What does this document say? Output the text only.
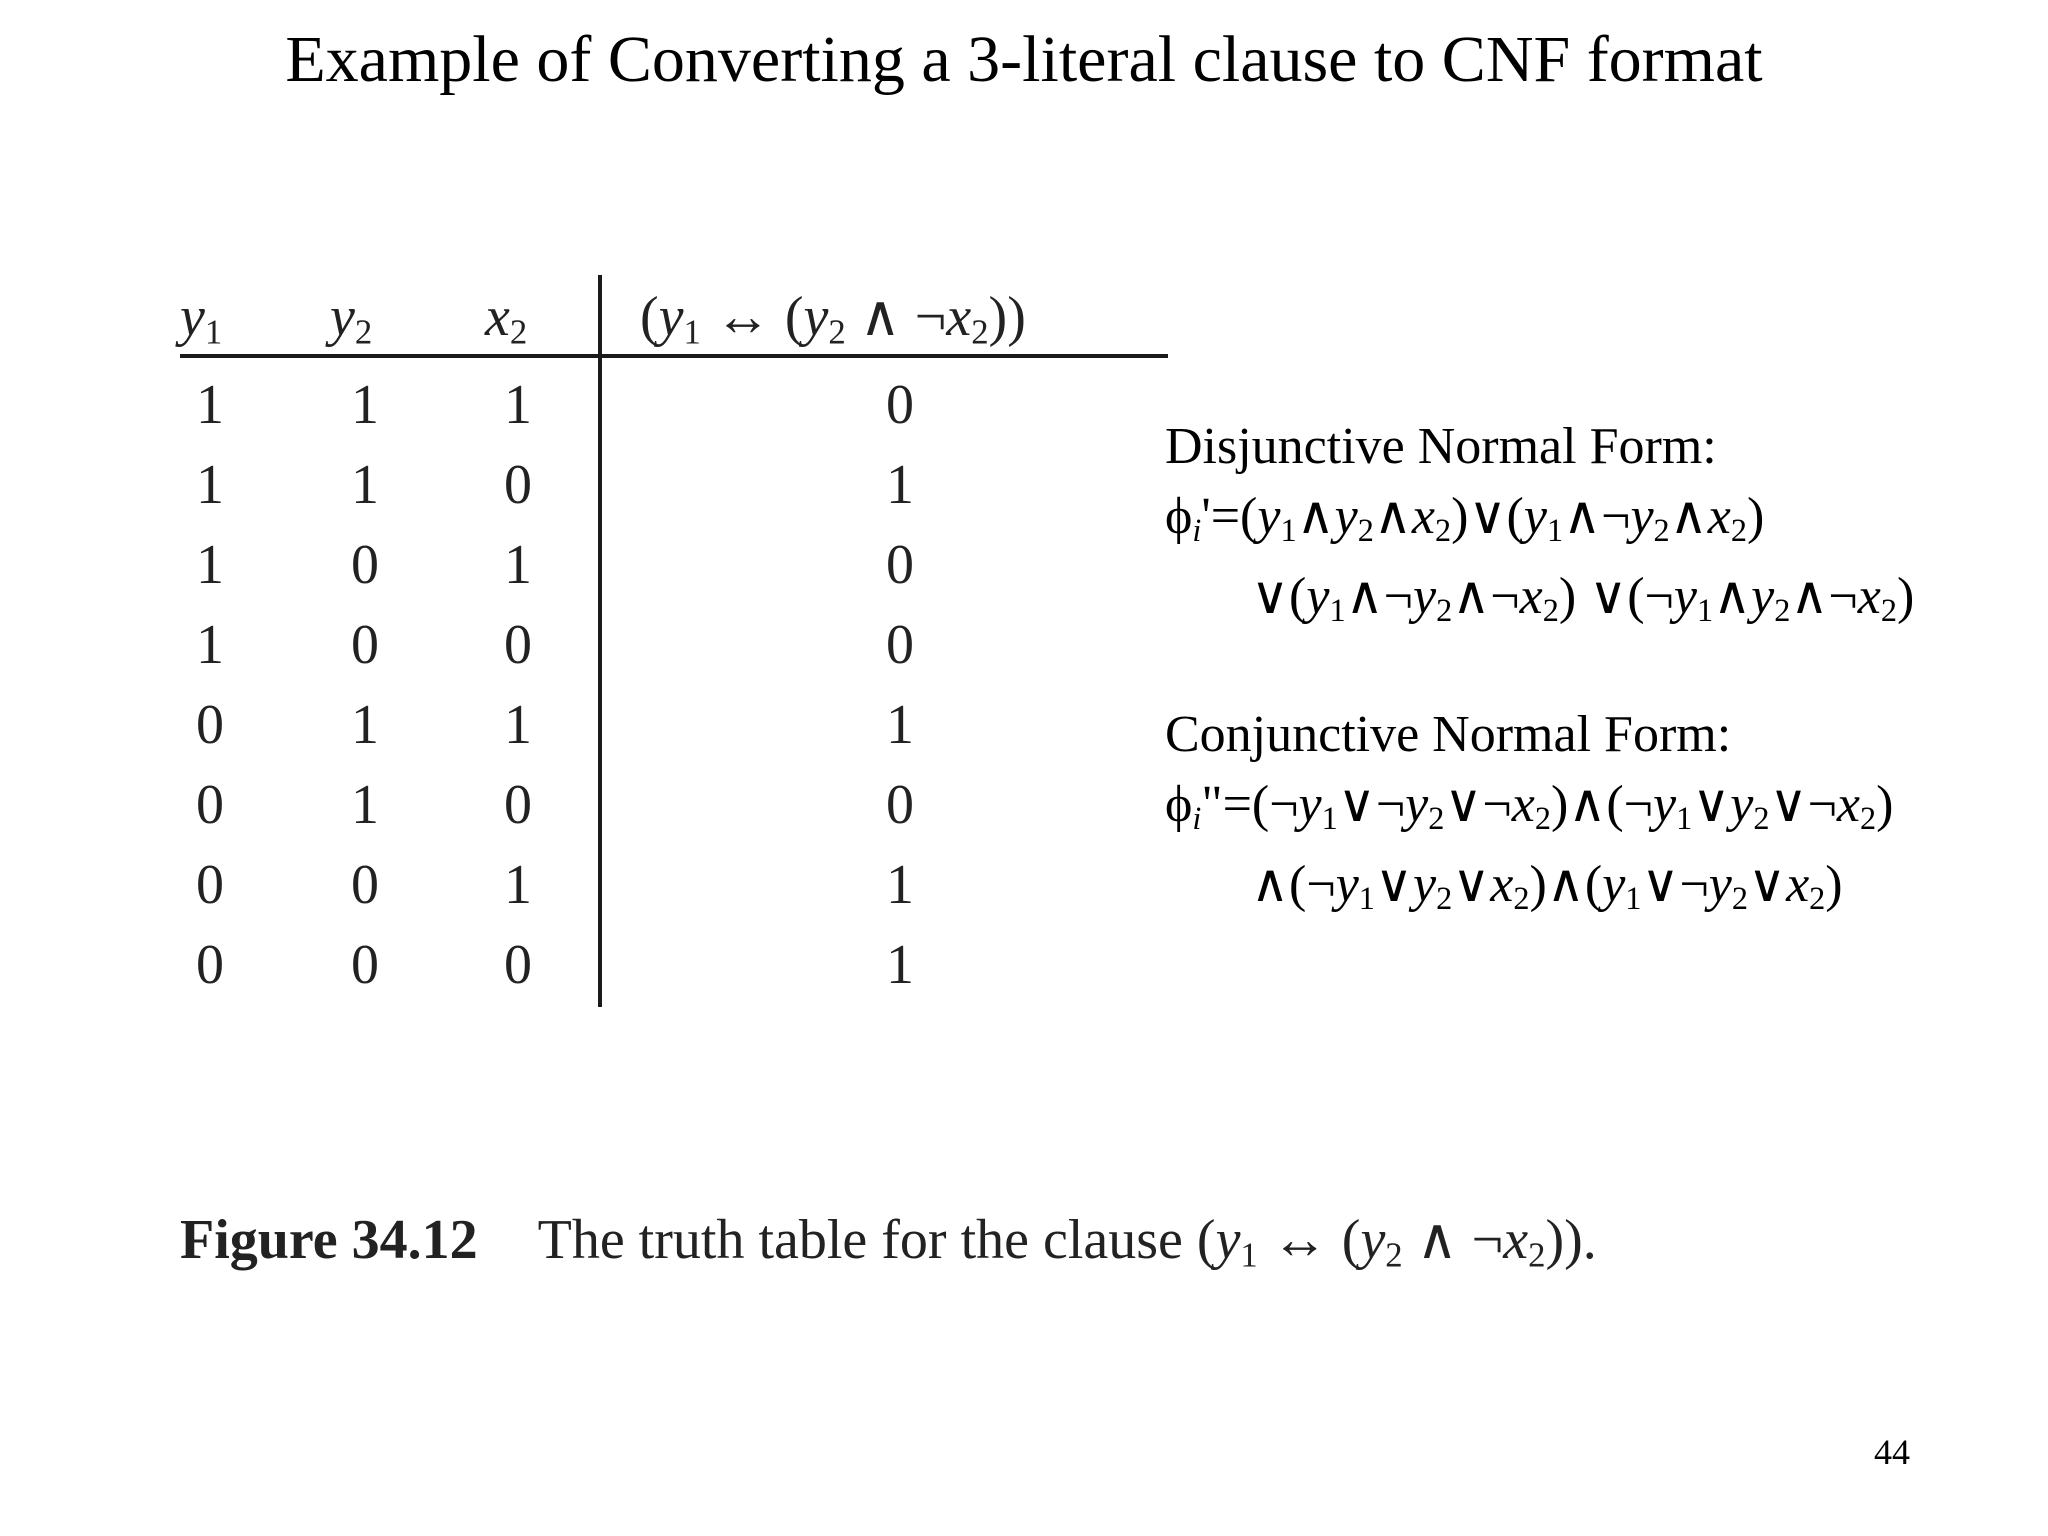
Example of Converting a 3-literal clause to CNF format
$y_1$ $y_2$ $x_2$ ($y_1$ ↔ ($y_2$ ∧ $\neg x_2$))
1 1 1	0
1 1 0	1
1 0 1	0
1 0 0	0
0 1 1	1
0 1 0	0
0 0 1	1
0 0 0	1
Disjunctive Normal Form:
$\phi_i'=(y_1\wedge y_2\wedge x_2)\vee(y_1\wedge\neg y_2\wedge x_2)$
$\vee(y_1\wedge\neg y_2\wedge\neg x_2)$ $\vee(\neg y_1\wedge y_2\wedge\neg x_2)$
Conjunctive Normal Form:
$\phi_i"=(\neg y_1\vee\neg y_2\vee\neg x_2)\wedge(\neg y_1\vee y_2\vee\neg x_2)$
$\wedge(\neg y_1\vee y_2\vee x_2)\wedge(y_1\vee\neg y_2\vee x_2)$
Figure 34.12 The truth table for the clause ($y_1$ ↔ ($y_2$ ∧ $\neg x_2$)).
44
